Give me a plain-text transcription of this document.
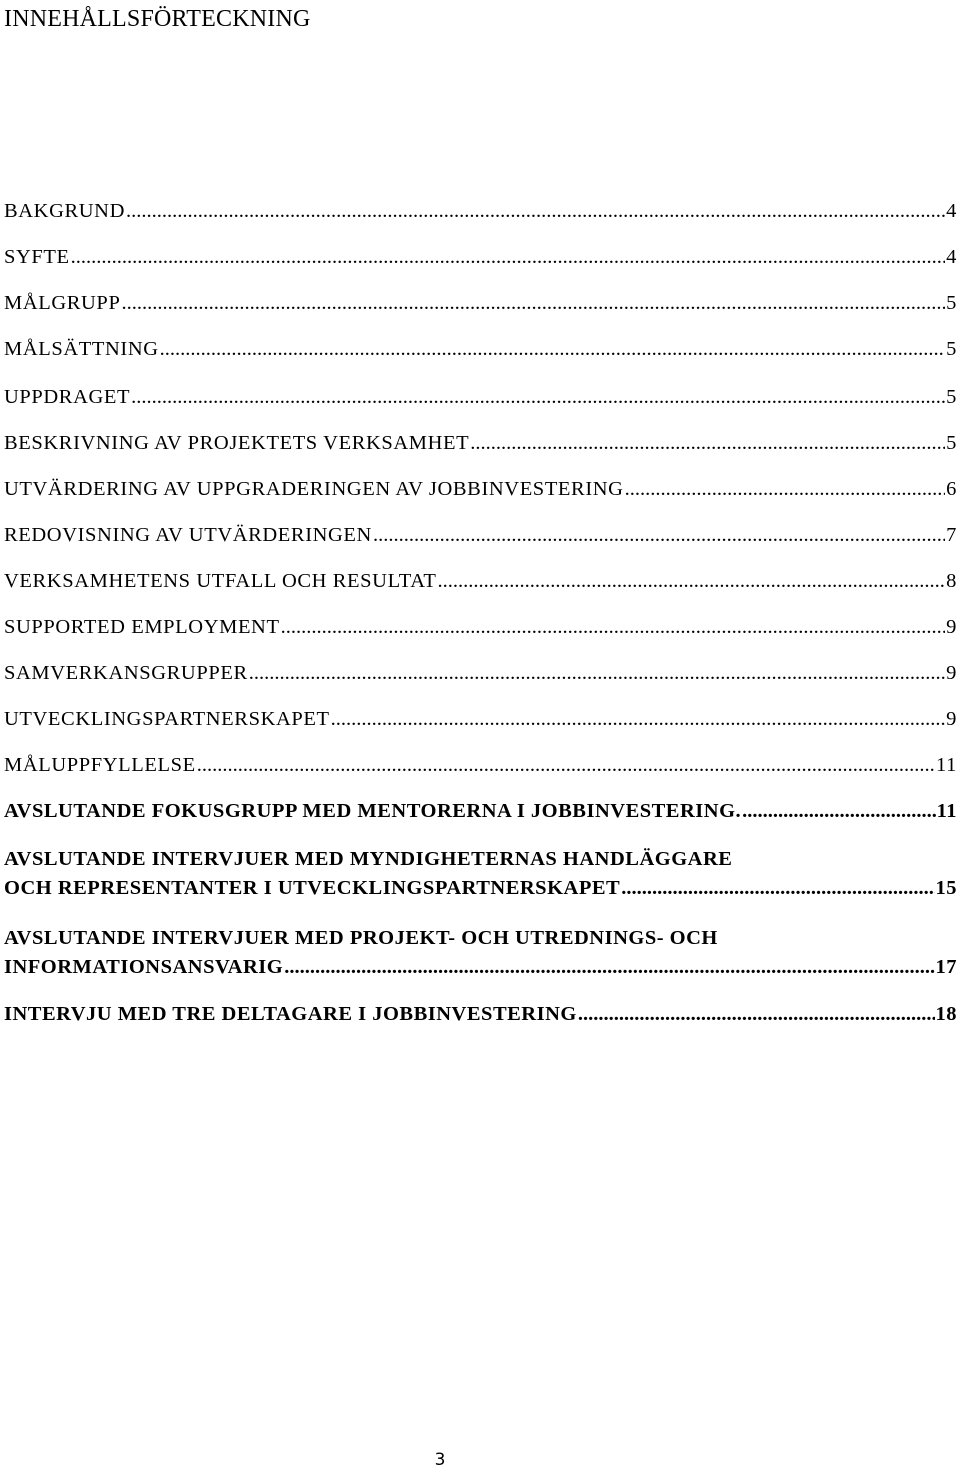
INNEHÅLLSFÖRTECKNING
BAKGRUND .....	4
SYFTE .....	4
MÅLGRUPP .....	5
MÅLSÄTTNING .....	5
UPPDRAGET .....	5
BESKRIVNING AV PROJEKTETS VERKSAMHET .....	5
UTVÄRDERING AV UPPGRADERINGEN AV JOBBINVESTERING .....	6
REDOVISNING AV UTVÄRDERINGEN .....	7
VERKSAMHETENS UTFALL OCH RESULTAT .....	8
SUPPORTED EMPLOYMENT .....	9
SAMVERKANSGRUPPER .....	9
UTVECKLINGSPARTNERSKAPET .....	9
MÅLUPPFYLLELSE .....	11
AVSLUTANDE FOKUSGRUPP MED MENTORERNA I JOBBINVESTERING. .....	11
AVSLUTANDE INTERVJUER MED MYNDIGHETERNAS HANDLÄGGARE
OCH REPRESENTANTER I UTVECKLINGSPARTNERSKAPET .....	15
AVSLUTANDE INTERVJUER MED PROJEKT- OCH UTREDNINGS- OCH
INFORMATIONSANSVARIG .....	17
INTERVJU MED TRE DELTAGARE I JOBBINVESTERING .....	18
3
